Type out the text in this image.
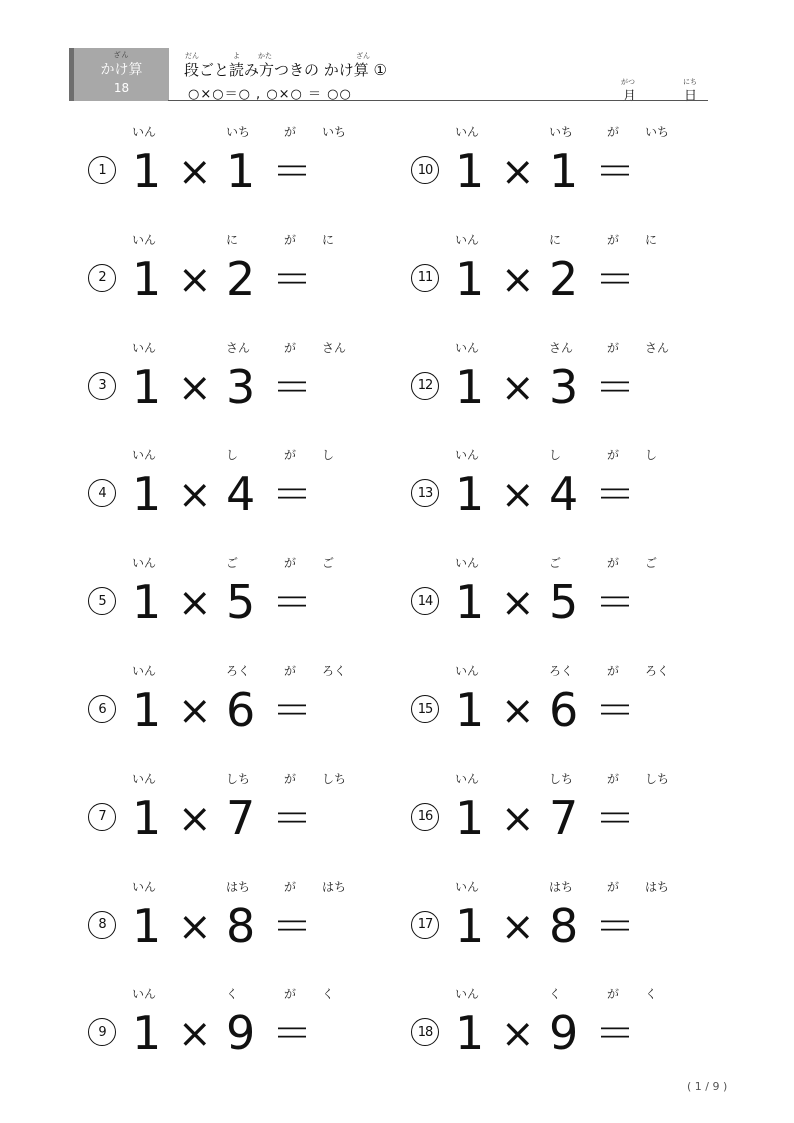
ざん
かけ算
18
だん	よ	かた	ざん
段ごと読み方つきの かけ算 ①
○×○＝○ , ○×○ ＝ ○○
がつ
月
にち
日
いん	いち	が いち
1 1 × 1 ＝
いん	に	が に
2 1 × 2 ＝
いん	さん	が さん
3 1 × 3 ＝
いん	し	が し
4 1 × 4 ＝
いん	ご	が ご
5 1 × 5 ＝
いん	ろく	が ろく
6 1 × 6 ＝
いん	しち	が しち
7 1 × 7 ＝
いん	はち	が はち
8 1 × 8 ＝
いん	く	が く
9 1 × 9 ＝
いん	いち	が いち
10 1 × 1 ＝
いん	に	が に
11 1 × 2 ＝
いん	さん	が さん
12 1 × 3 ＝
いん	し	が し
13 1 × 4 ＝
いん	ご	が ご
14 1 × 5 ＝
いん	ろく	が ろく
15 1 × 6 ＝
いん	しち	が しち
16 1 × 7 ＝
いん	はち	が はち
17 1 × 8 ＝
いん	く	が く
18 1 × 9 ＝
( 1 / 9 )
